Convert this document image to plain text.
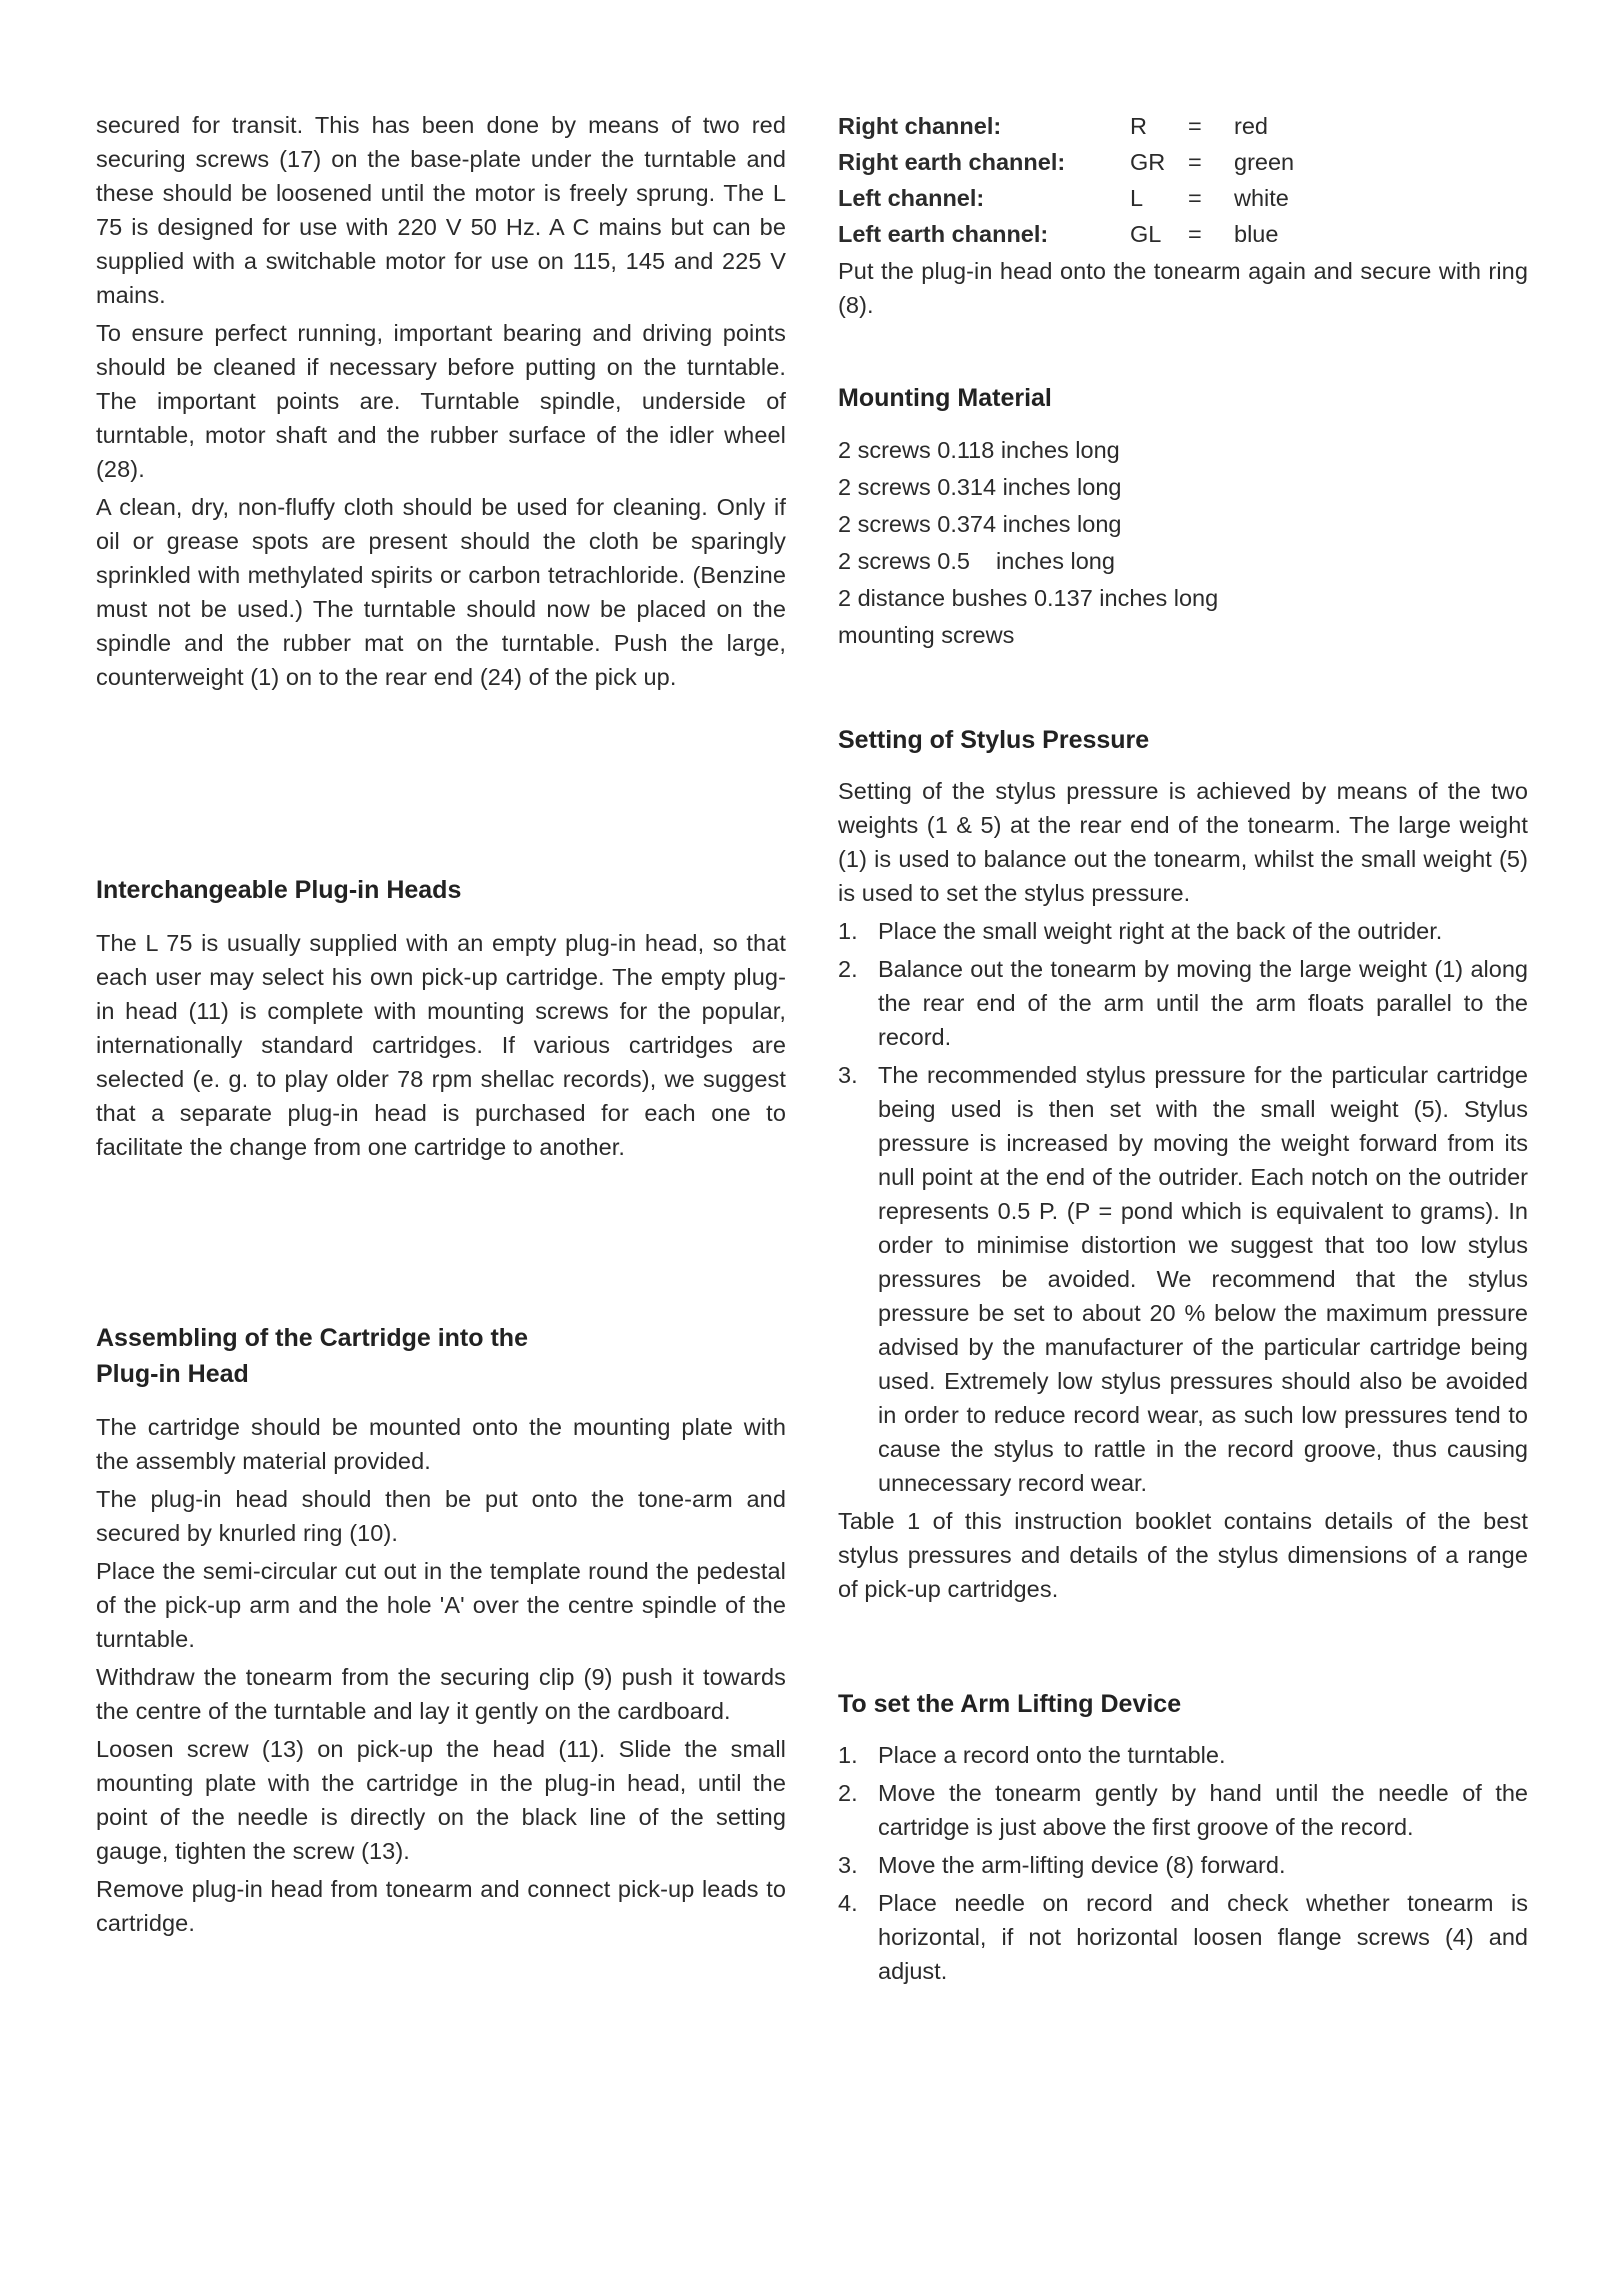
secured for transit. This has been done by means of two red securing screws (17) on the base-plate under the turntable and these should be loosened until the motor is freely sprung. The L 75 is designed for use with 220 V 50 Hz. A C mains but can be supplied with a switchable motor for use on 115, 145 and 225 V mains.

To ensure perfect running, important bearing and driving points should be cleaned if necessary before putting on the turntable. The important points are. Turntable spindle, underside of turntable, motor shaft and the rubber surface of the idler wheel (28).

A clean, dry, non-fluffy cloth should be used for cleaning. Only if oil or grease spots are present should the cloth be sparingly sprinkled with methylated spirits or carbon tetrachloride. (Benzine must not be used.) The turntable should now be placed on the spindle and the rubber mat on the turntable. Push the large, counterweight (1) on to the rear end (24) of the pick up.

Interchangeable Plug-in Heads

The L 75 is usually supplied with an empty plug-in head, so that each user may select his own pick-up cartridge. The empty plug-in head (11) is complete with mounting screws for the popular, internationally standard cartridges. If various cartridges are selected (e. g. to play older 78 rpm shellac records), we suggest that a separate plug-in head is purchased for each one to facilitate the change from one cartridge to another.

Assembling of the Cartridge into the
Plug-in Head

The cartridge should be mounted onto the mounting plate with the assembly material provided.

The plug-in head should then be put onto the tone-arm and secured by knurled ring (10).

Place the semi-circular cut out in the template round the pedestal of the pick-up arm and the hole 'A' over the centre spindle of the turntable.

Withdraw the tonearm from the securing clip (9) push it towards the centre of the turntable and lay it gently on the cardboard.

Loosen screw (13) on pick-up the head (11). Slide the small mounting plate with the cartridge in the plug-in head, until the point of the needle is directly on the black line of the setting gauge, tighten the screw (13).

Remove plug-in head from tonearm and connect pick-up leads to cartridge.

Right channel:	R	=	red
Right earth channel:	GR	=	green
Left channel:	L	=	white
Left earth channel:	GL	=	blue

Put the plug-in head onto the tonearm again and secure with ring (8).

Mounting Material
2 screws 0.118 inches long
2 screws 0.314 inches long
2 screws 0.374 inches long
2 screws 0.5    inches long
2 distance bushes 0.137 inches long
mounting screws
Setting of Stylus Pressure

Setting of the stylus pressure is achieved by means of the two weights (1 & 5) at the rear end of the tonearm. The large weight (1) is used to balance out the tonearm, whilst the small weight (5) is used to set the stylus pressure.

1. Place the small weight right at the back of the outrider.
2. Balance out the tonearm by moving the large weight (1) along the rear end of the arm until the arm floats parallel to the record.
3. The recommended stylus pressure for the particular cartridge being used is then set with the small weight (5). Stylus pressure is increased by moving the weight forward from its null point at the end of the outrider. Each notch on the outrider represents 0.5 P. (P = pond which is equivalent to grams). In order to minimise distortion we suggest that too low stylus pressures be avoided. We recommend that the stylus pressure be set to about 20 % below the maximum pressure advised by the manufacturer of the particular cartridge being used. Extremely low stylus pressures should also be avoided in order to reduce record wear, as such low pressures tend to cause the stylus to rattle in the record groove, thus causing unnecessary record wear.

Table 1 of this instruction booklet contains details of the best stylus pressures and details of the stylus dimensions of a range of pick-up cartridges.

To set the Arm Lifting Device
1. Place a record onto the turntable.
2. Move the tonearm gently by hand until the needle of the cartridge is just above the first groove of the record.
3. Move the arm-lifting device (8) forward.
4. Place needle on record and check whether tonearm is horizontal, if not horizontal loosen flange screws (4) and adjust.
